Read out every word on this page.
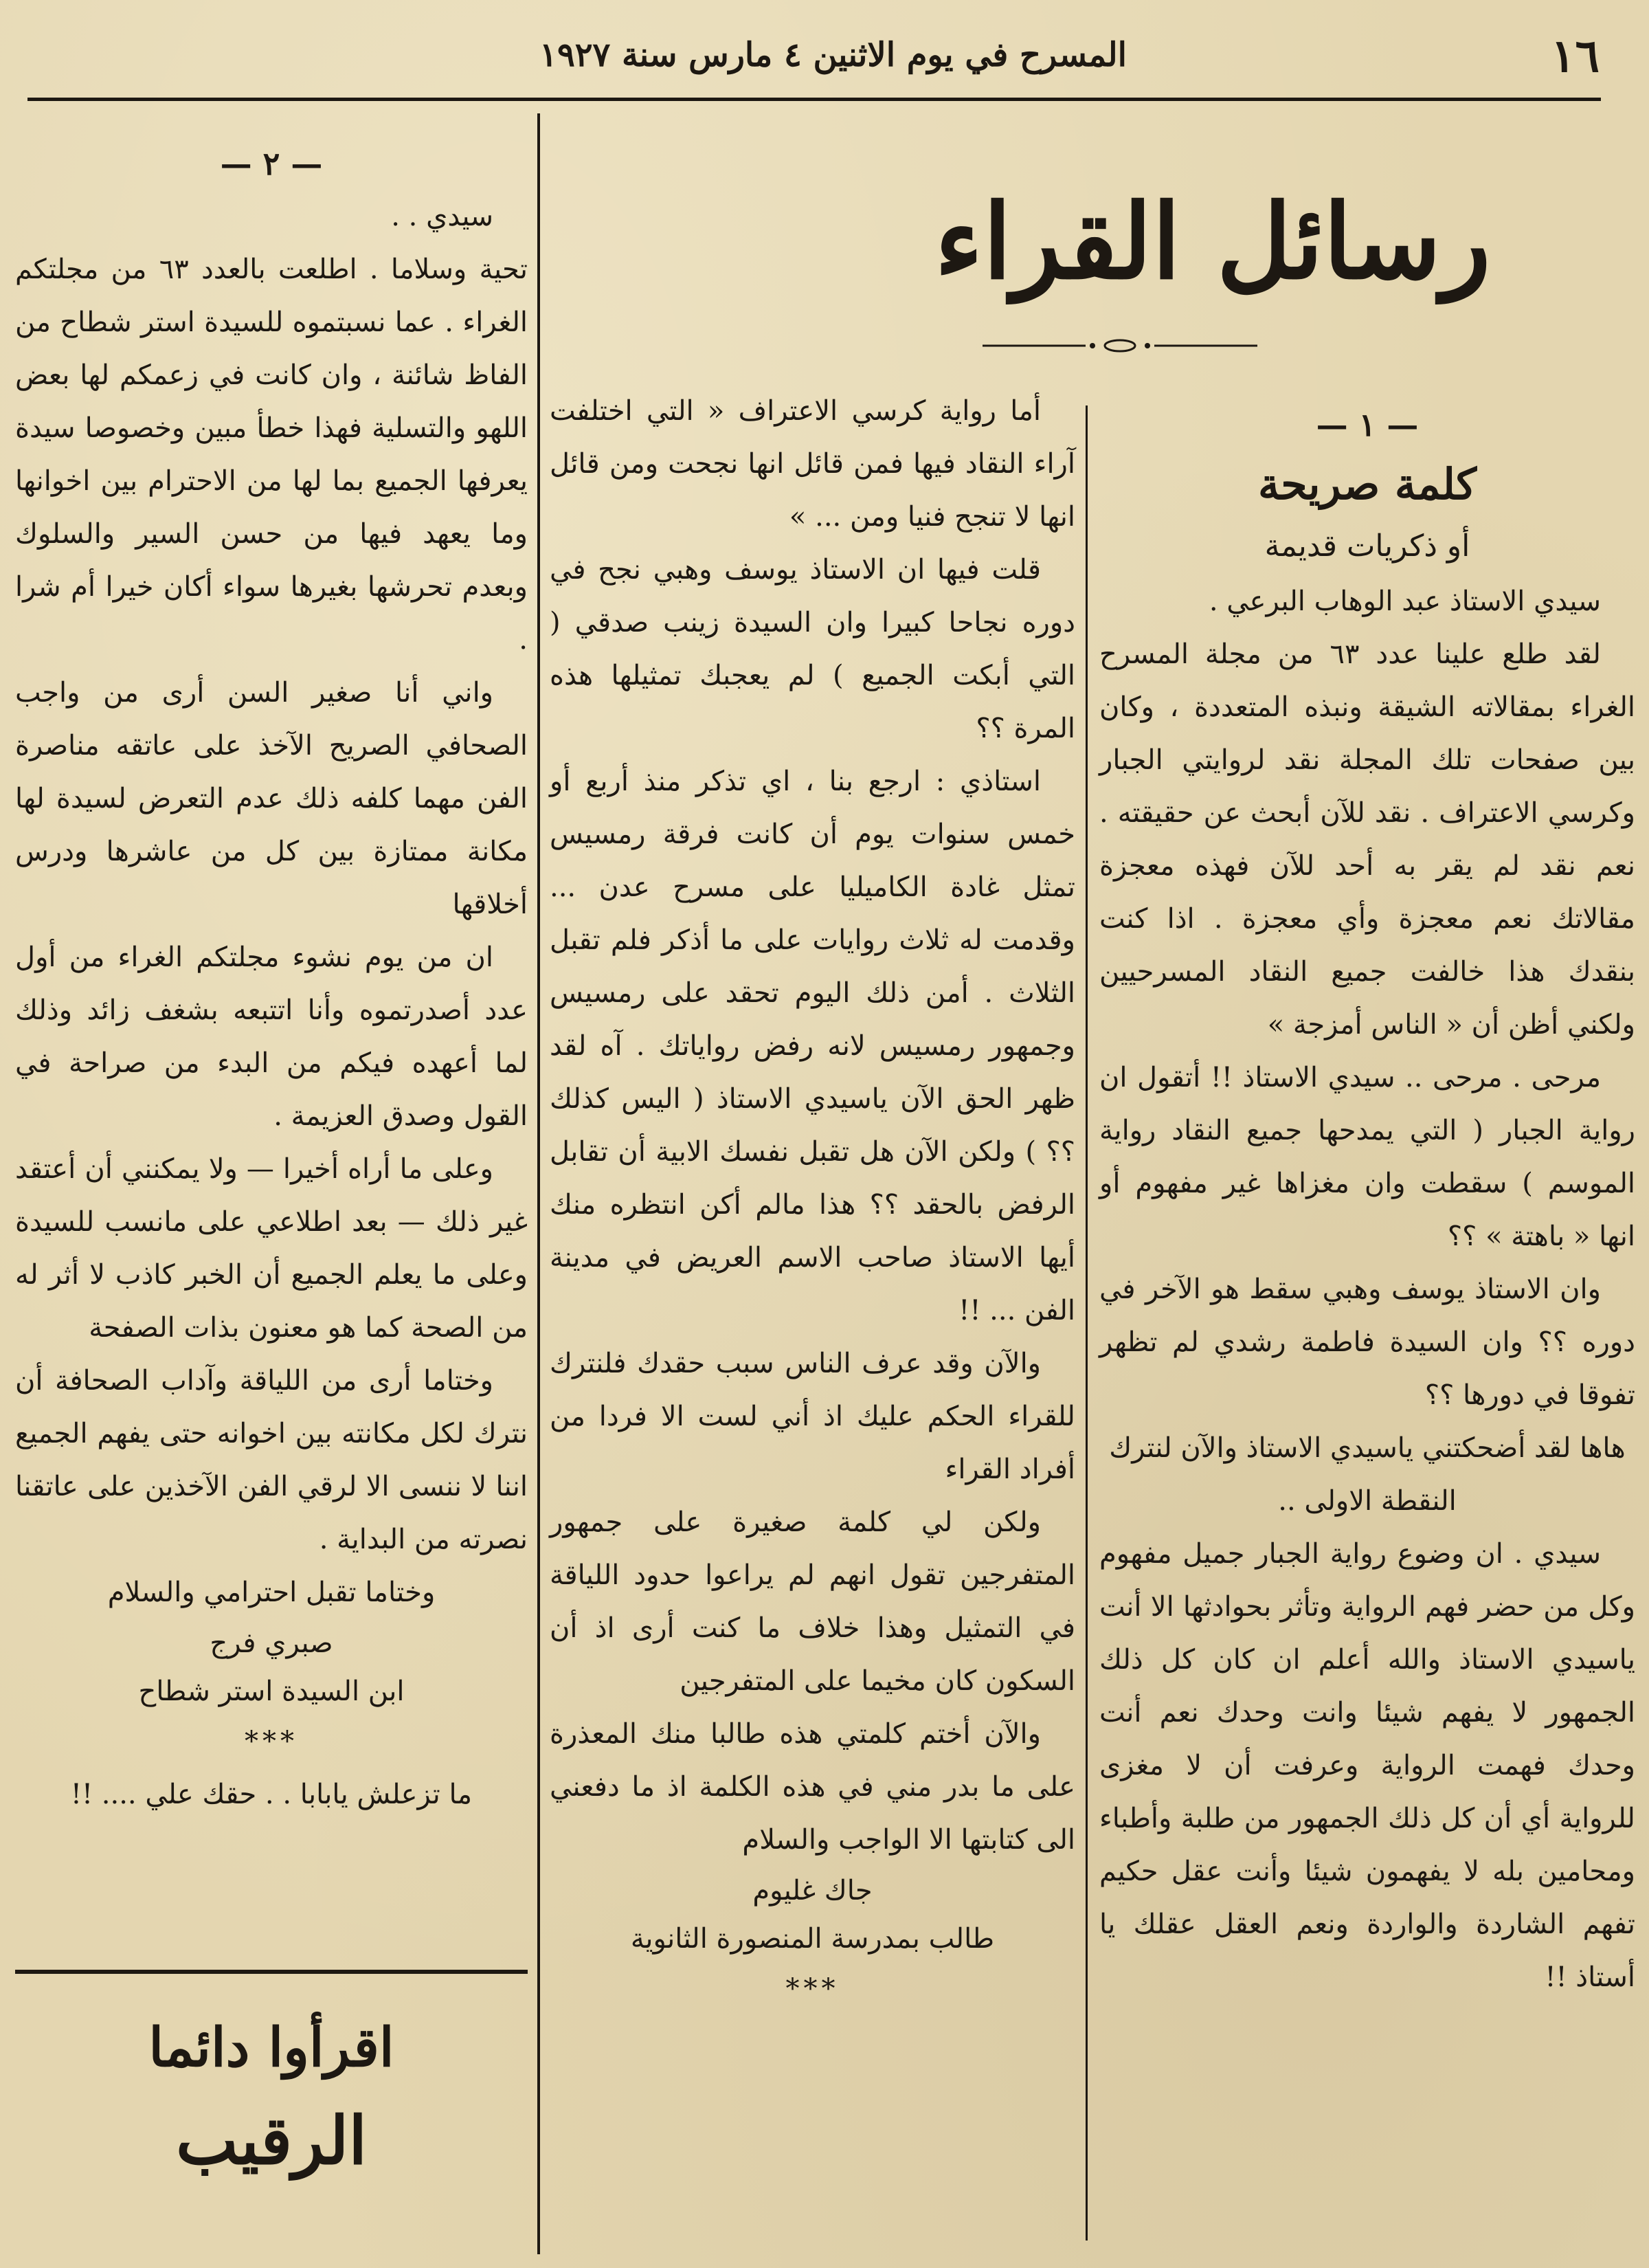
١٦
المسرح في يوم الاثنين ٤ مارس سنة ١٩٢٧
رسائل القراء
— ١ —

كلمة صريحة

أو ذكريات قديمة

سيدي الاستاذ عبد الوهاب البرعي .

لقد طلع علينا عدد ٦٣ من مجلة المسرح الغراء بمقالاته الشيقة ونبذه المتعددة ، وكان بين صفحات تلك المجلة نقد لروايتي الجبار وكرسي الاعتراف . نقد للآن أبحث عن حقيقته . نعم نقد لم يقر به أحد للآن فهذه معجزة مقالاتك نعم معجزة وأي معجزة . اذا كنت بنقدك هذا خالفت جميع النقاد المسرحيين ولكني أظن أن « الناس أمزجة »

مرحى . مرحى .. سيدي الاستاذ !! أتقول ان رواية الجبار ( التي يمدحها جميع النقاد رواية الموسم ) سقطت وان مغزاها غير مفهوم أو انها « باهتة » ؟؟

وان الاستاذ يوسف وهبي سقط هو الآخر في دوره ؟؟ وان السيدة فاطمة رشدي لم تظهر تفوقا في دورها ؟؟

هاها لقد أضحكتني ياسيدي الاستاذ والآن لنترك النقطة الاولى ..

سيدي . ان وضوع رواية الجبار جميل مفهوم وكل من حضر فهم الرواية وتأثر بحوادثها الا أنت ياسيدي الاستاذ والله أعلم ان كان كل ذلك الجمهور لا يفهم شيئا وانت وحدك نعم أنت وحدك فهمت الرواية وعرفت أن لا مغزى للرواية أي أن كل ذلك الجمهور من طلبة وأطباء ومحامين بله لا يفهمون شيئا وأنت عقل حكيم تفهم الشاردة والواردة ونعم العقل عقلك يا أستاذ !!

أما رواية كرسي الاعتراف « التي اختلفت آراء النقاد فيها فمن قائل انها نجحت ومن قائل انها لا تنجح فنيا ومن ... »

قلت فيها ان الاستاذ يوسف وهبي نجح في دوره نجاحا كبيرا وان السيدة زينب صدقي ( التي أبكت الجميع ) لم يعجبك تمثيلها هذه المرة ؟؟

استاذي : ارجع بنا ، اي تذكر منذ أربع أو خمس سنوات يوم أن كانت فرقة رمسيس تمثل غادة الكاميليا على مسرح عدن ... وقدمت له ثلاث روايات على ما أذكر فلم تقبل الثلاث . أمن ذلك اليوم تحقد على رمسيس وجمهور رمسيس لانه رفض رواياتك . آه لقد ظهر الحق الآن ياسيدي الاستاذ ( اليس كذلك ؟؟ ) ولكن الآن هل تقبل نفسك الابية أن تقابل الرفض بالحقد ؟؟ هذا مالم أكن انتظره منك أيها الاستاذ صاحب الاسم العريض في مدينة الفن ... !!

والآن وقد عرف الناس سبب حقدك فلنترك للقراء الحكم عليك اذ أني لست الا فردا من أفراد القراء

ولكن لي كلمة صغيرة على جمهور المتفرجين تقول انهم لم يراعوا حدود اللياقة في التمثيل وهذا خلاف ما كنت أرى اذ أن السكون كان مخيما على المتفرجين

والآن أختم كلمتي هذه طالبا منك المعذرة على ما بدر مني في هذه الكلمة اذ ما دفعني الى كتابتها الا الواجب والسلام

جاك غليوم
طالب بمدرسة المنصورة الثانوية
***
— ٢ —

سيدي . .

تحية وسلاما . اطلعت بالعدد ٦٣ من مجلتكم الغراء . عما نسبتموه للسيدة استر شطاح من الفاظ شائنة ، وان كانت في زعمكم لها بعض اللهو والتسلية فهذا خطأ مبين وخصوصا سيدة يعرفها الجميع بما لها من الاحترام بين اخوانها وما يعهد فيها من حسن السير والسلوك وبعدم تحرشها بغيرها سواء أكان خيرا أم شرا .

واني أنا صغير السن أرى من واجب الصحافي الصريح الآخذ على عاتقه مناصرة الفن مهما كلفه ذلك عدم التعرض لسيدة لها مكانة ممتازة بين كل من عاشرها ودرس أخلاقها

ان من يوم نشوء مجلتكم الغراء من أول عدد أصدرتموه وأنا اتتبعه بشغف زائد وذلك لما أعهده فيكم من البدء من صراحة في القول وصدق العزيمة .

وعلى ما أراه أخيرا — ولا يمكنني أن أعتقد غير ذلك — بعد اطلاعي على مانسب للسيدة وعلى ما يعلم الجميع أن الخبر كاذب لا أثر له من الصحة كما هو معنون بذات الصفحة

وختاما أرى من اللياقة وآداب الصحافة أن نترك لكل مكانته بين اخوانه حتى يفهم الجميع اننا لا ننسى الا لرقي الفن الآخذين على عاتقنا نصرته من البداية .

وختاما تقبل احترامي والسلام

صبري فرج
ابن السيدة استر شطاح
***

ما تزعلش يابابا . . حقك علي .... !!

اقرأوا دائما
الرقيب
